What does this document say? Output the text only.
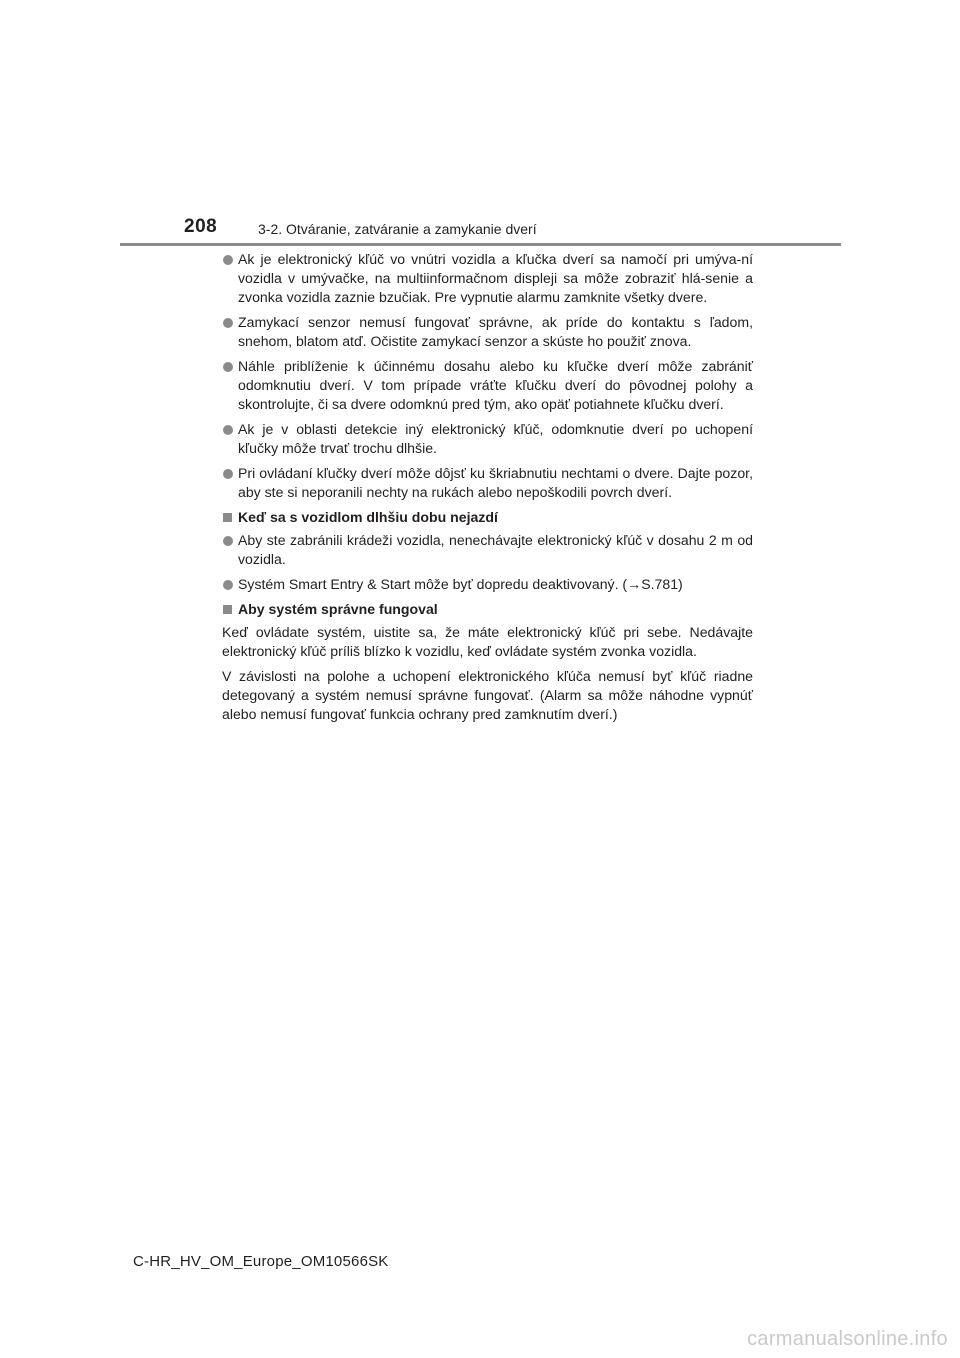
208	3-2. Otváranie, zatváranie a zamykanie dverí
Ak je elektronický kľúč vo vnútri vozidla a kľučka dverí sa namočí pri umýva-ní vozidla v umývačke, na multiinformačnom displeji sa môže zobraziť hlá-senie a zvonka vozidla zaznie bzučiak. Pre vypnutie alarmu zamknite všetky dvere.
Zamykací senzor nemusí fungovať správne, ak príde do kontaktu s ľadom, snehom, blatom atď. Očistite zamykací senzor a skúste ho použiť znova.
Náhle priblíženie k účinnému dosahu alebo ku kľučke dverí môže zabrániť odomknutiu dverí. V tom prípade vráťte kľučku dverí do pôvodnej polohy a skontrolujte, či sa dvere odomknú pred tým, ako opäť potiahnete kľučku dverí.
Ak je v oblasti detekcie iný elektronický kľúč, odomknutie dverí po uchopení kľučky môže trvať trochu dlhšie.
Pri ovládaní kľučky dverí môže dôjsť ku škriabnutiu nechtami o dvere. Dajte pozor, aby ste si neporanili nechty na rukách alebo nepoškodili povrch dverí.
Keď sa s vozidlom dlhšiu dobu nejazdí
Aby ste zabránili krádeži vozidla, nenechávajte elektronický kľúč v dosahu 2 m od vozidla.
Systém Smart Entry & Start môže byť dopredu deaktivovaný. (→S.781)
Aby systém správne fungoval

Keď ovládate systém, uistite sa, že máte elektronický kľúč pri sebe. Nedávajte elektronický kľúč príliš blízko k vozidlu, keď ovládate systém zvonka vozidla.

V závislosti na polohe a uchopení elektronického kľúča nemusí byť kľúč riadne detegovaný a systém nemusí správne fungovať. (Alarm sa môže náhodne vypnúť alebo nemusí fungovať funkcia ochrany pred zamknutím dverí.)

C-HR_HV_OM_Europe_OM10566SK
carmanualsonline.info
